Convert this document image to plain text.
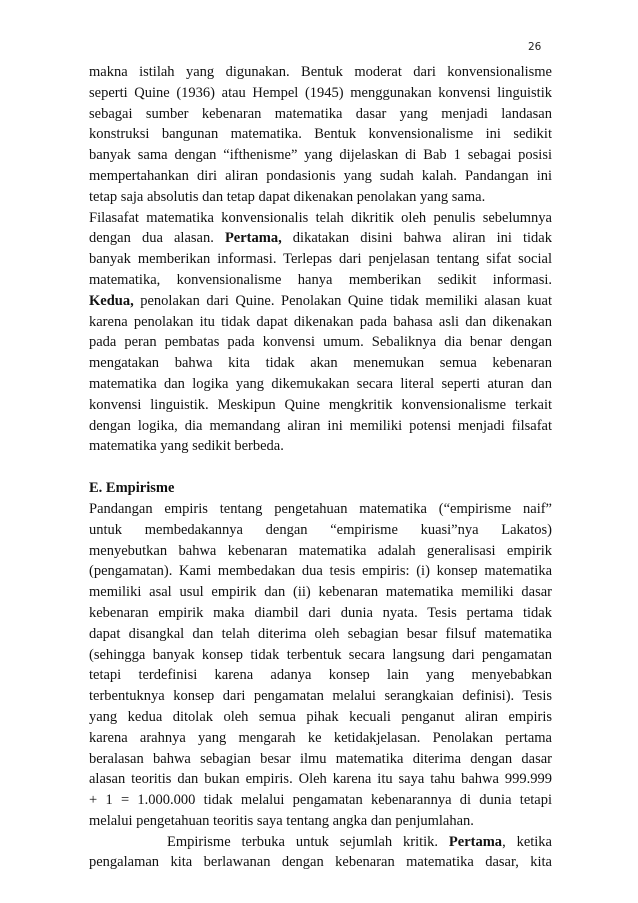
26
makna istilah yang digunakan. Bentuk moderat dari konvensionalisme
seperti Quine (1936) atau Hempel (1945) menggunakan konvensi linguistik
sebagai sumber kebenaran matematika dasar yang menjadi landasan
konstruksi bangunan matematika. Bentuk konvensionalisme ini sedikit
banyak sama dengan “ifthenisme” yang dijelaskan di Bab 1 sebagai posisi
mempertahankan diri aliran pondasionis yang sudah kalah. Pandangan ini
tetap saja absolutis dan tetap dapat dikenakan penolakan yang sama.
Filasafat matematika konvensionalis telah dikritik oleh penulis sebelumnya
dengan dua alasan. Pertama, dikatakan disini bahwa aliran ini tidak
banyak memberikan informasi. Terlepas dari penjelasan tentang sifat social
matematika, konvensionalisme hanya memberikan sedikit informasi.
Kedua, penolakan dari Quine. Penolakan Quine tidak memiliki alasan kuat
karena penolakan itu tidak dapat dikenakan pada bahasa asli dan dikenakan
pada peran pembatas pada konvensi umum. Sebaliknya dia benar dengan
mengatakan bahwa kita tidak akan menemukan semua kebenaran
matematika dan logika yang dikemukakan secara literal seperti aturan dan
konvensi linguistik. Meskipun Quine mengkritik konvensionalisme terkait
dengan logika, dia memandang aliran ini memiliki potensi menjadi filsafat
matematika yang sedikit berbeda.
E. Empirisme
Pandangan empiris tentang pengetahuan matematika (“empirisme naif”
untuk membedakannya dengan “empirisme kuasi”nya Lakatos)
menyebutkan bahwa kebenaran matematika adalah generalisasi empirik
(pengamatan). Kami membedakan dua tesis empiris: (i) konsep matematika
memiliki asal usul empirik dan (ii) kebenaran matematika memiliki dasar
kebenaran empirik maka diambil dari dunia nyata. Tesis pertama tidak
dapat disangkal dan telah diterima oleh sebagian besar filsuf matematika
(sehingga banyak konsep tidak terbentuk secara langsung dari pengamatan
tetapi terdefinisi karena adanya konsep lain yang menyebabkan
terbentuknya konsep dari pengamatan melalui serangkaian definisi). Tesis
yang kedua ditolak oleh semua pihak kecuali penganut aliran empiris
karena arahnya yang mengarah ke ketidakjelasan. Penolakan pertama
beralasan bahwa sebagian besar ilmu matematika diterima dengan dasar
alasan teoritis dan bukan empiris. Oleh karena itu saya tahu bahwa 999.999
+ 1 = 1.000.000 tidak melalui pengamatan kebenarannya di dunia tetapi
melalui pengetahuan teoritis saya tentang angka dan penjumlahan.
Empirisme terbuka untuk sejumlah kritik. Pertama, ketika
pengalaman kita berlawanan dengan kebenaran matematika dasar, kita
